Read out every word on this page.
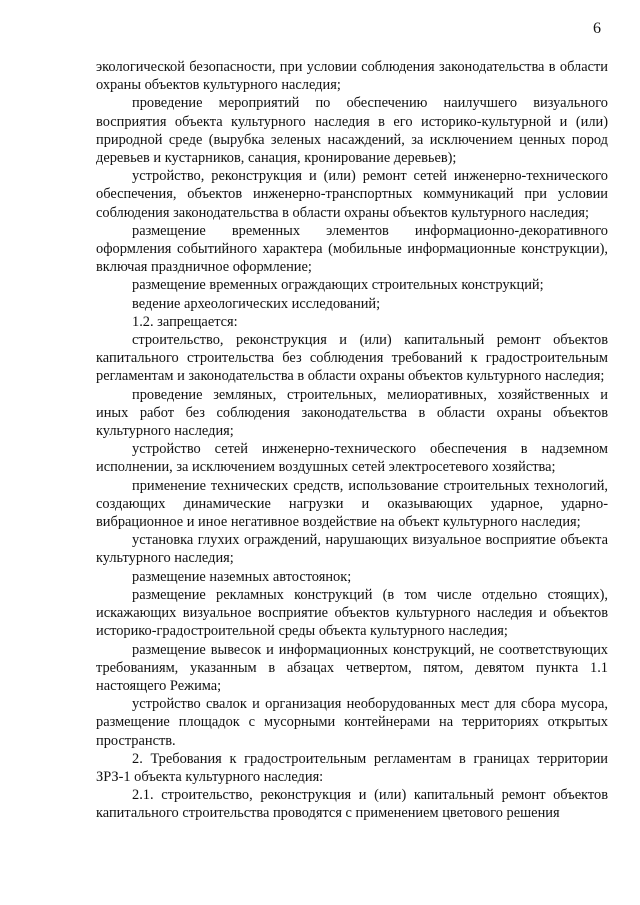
6

экологической безопасности, при условии соблюдения законодательства в области охраны объектов культурного наследия;

проведение мероприятий по обеспечению наилучшего визуального восприятия объекта культурного наследия в его историко-культурной и (или) природной среде (вырубка зеленых насаждений, за исключением ценных пород деревьев и кустарников, санация, кронирование деревьев);

устройство, реконструкция и (или) ремонт сетей инженерно-технического обеспечения, объектов инженерно-транспортных коммуникаций при условии соблюдения законодательства в области охраны объектов культурного наследия;

размещение временных элементов информационно-декоративного оформления событийного характера (мобильные информационные конструкции), включая праздничное оформление;

размещение временных ограждающих строительных конструкций;

ведение археологических исследований;

1.2. запрещается:

строительство, реконструкция и (или) капитальный ремонт объектов капитального строительства без соблюдения требований к градостроительным регламентам и законодательства в области охраны объектов культурного наследия;

проведение земляных, строительных, мелиоративных, хозяйственных и иных работ без соблюдения законодательства в области охраны объектов культурного наследия;

устройство сетей инженерно-технического обеспечения в надземном исполнении, за исключением воздушных сетей электросетевого хозяйства;

применение технических средств, использование строительных технологий, создающих динамические нагрузки и оказывающих ударное, ударно-вибрационное и иное негативное воздействие на объект культурного наследия;

установка глухих ограждений, нарушающих визуальное восприятие объекта культурного наследия;

размещение наземных автостоянок;

размещение рекламных конструкций (в том числе отдельно стоящих), искажающих визуальное восприятие объектов культурного наследия и объектов историко-градостроительной среды объекта культурного наследия;

размещение вывесок и информационных конструкций, не соответствующих требованиям, указанным в абзацах четвертом, пятом, девятом пункта 1.1 настоящего Режима;

устройство свалок и организация необорудованных мест для сбора мусора, размещение площадок с мусорными контейнерами на территориях открытых пространств.

2. Требования к градостроительным регламентам в границах территории ЗРЗ-1 объекта культурного наследия:

2.1. строительство, реконструкция и (или) капитальный ремонт объектов капитального строительства проводятся с применением цветового решения
